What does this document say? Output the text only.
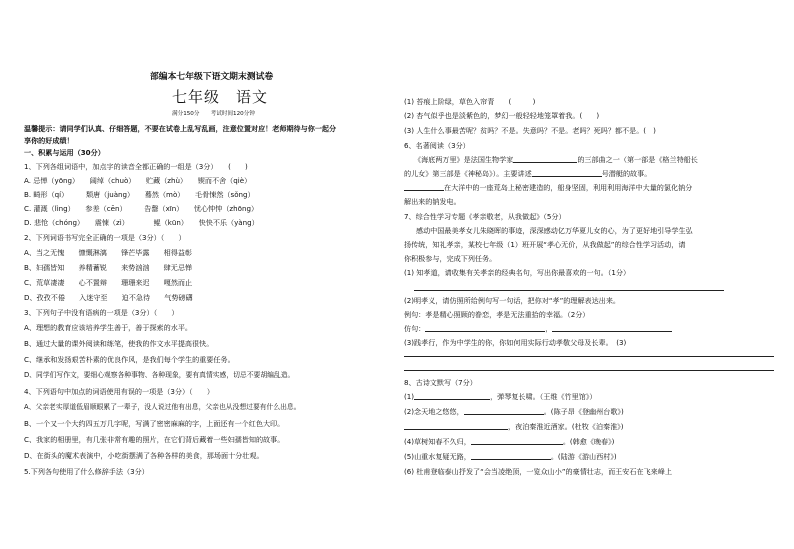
部编本七年级下语文期末测试卷
七年级　语文
满分150分　　考试时间120分钟
温馨提示：请同学们认真、仔细答题，不要在试卷上乱写乱画，注意位置对应！老师期待与你一起分
享你的好成绩！
一、积累与运用（30分）
1、下列各组词语中，加点字的读音全都正确的一组是（3分）　　(　　)
A. 忌惮（yōng）　　阔绰（chuò）　　贮藏（zhù）　　锲而不舍（qiè）
B. 畸形（qí）　　　颓唐（juàng）　　蓦然（mò）　　毛骨悚然（sǒng）
C. 灌溉（lìng）　　参差（cēn）　　　告罄（xīn）　　忧心忡忡（zhōng）
D. 悲怆（chóng）　　震悚（zì）　　　　鲲（kūn）　　快快不乐（yàng）
2、下列词语书写完全正确的一项是（3分）（　　）
A、当之无愧　　慷慨淋漓　　锋芒毕露　　相得益彰
B、妇孺皆知　　养精蓄锐　　来势汹汹　　肆无忌惮
C、荒草凄凄　　心不置辩　　珊珊来迟　　嘎然而止
D、孜孜不倦　　入迷守至　　迫不急待　　气势磅礴
3、下列句子中没有语病的一项是（3分）（　　）
A、理想的教育应该培养学生善于，善于探索的水平。
B、通过大量的课外阅读和练笔，使我的作文水平提高很快。
C、继承和发扬艰苦朴素的优良作风，是我们每个学生的重要任务。
D、同学们写作文，要细心观察各种事物、各种现象，要有真情实感，切忌不要胡编乱造。
4、下列语句中加点的词语使用有误的一项是（3分）（　　）
A、父亲老实厚道低眉顺眼累了一辈子，没人说过他有出息，父亲也从没想过要有什么出息。
B、一个又一个大约四五万几字呢，写满了密密麻麻的字，上面还有一个红色大印。
C、我家的相册里，有几张非常有趣的照片，在它们背后藏着一些妇孺皆知的故事。
D、在街头的魔术表演中，小吃街摆满了各种各样的美食，那场面十分壮观。
5.下列各句使用了什么修辞手法（3分）
(1) 苔痕上阶绿，草色入帘青　　(　　　)
(2) 杏气似乎也是淡紫色的，梦幻一般轻轻地笼罩着我。(　　)
(3) 人生什么事最苦呢？贫吗？不是。失意吗？不是。老吗？死吗？都不是。(　)
6、名著阅读（3分）
《海底两万里》是法国生物学家	的三部曲之一（第一部是《格兰特船长
的儿女》第三部是《神秘岛》）。主要讲述	号潜艇的故事。
在大洋中的一座荒岛上秘密建造的，船身坚固，利用利用海洋中大量的氯化钠分
解出来的钠发电。
7、综合性学习专题《孝亲敬老，从我做起》（5分）
感动中国最美孝女儿朱晓晖的事迹，深深感动亿万华夏儿女的心，为了更好地引导学生弘
扬传统，知礼孝亲，某校七年级（1）班开展“孝心无价，从我做起”的综合性学习活动，请
你积极参与，完成下列任务。
(1) 知孝道，请收集有关孝亲的经典名句，写出你最喜欢的一句。（1分）
(2)明孝义，请仿照所给例句写一句话，把你对“孝”的理解表达出来。
例句：孝是精心照顾的眷恋，孝是无法重拾的幸福。（2分）
仿句：	，
(3)践孝行，作为中学生的你，你如何用实际行动孝敬父母及长辈。　(3)
8、古诗文默写（7分）
(1)	，弹琴复长啸。（王维《竹里馆》）
(2)念天地之悠悠，	。(陈子昂《登幽州台歌》)
，夜泊秦淮近酒家。(杜牧《泊秦淮》)
(4)草树知春不久归，	。(韩愈《晚春》)
(5)山重水复疑无路，	。(陆游《游山西村》)
(6) 杜甫登临泰山抒发了“会当凌绝顶，一览众山小”的豪情壮志，而王安石在飞来峰上
